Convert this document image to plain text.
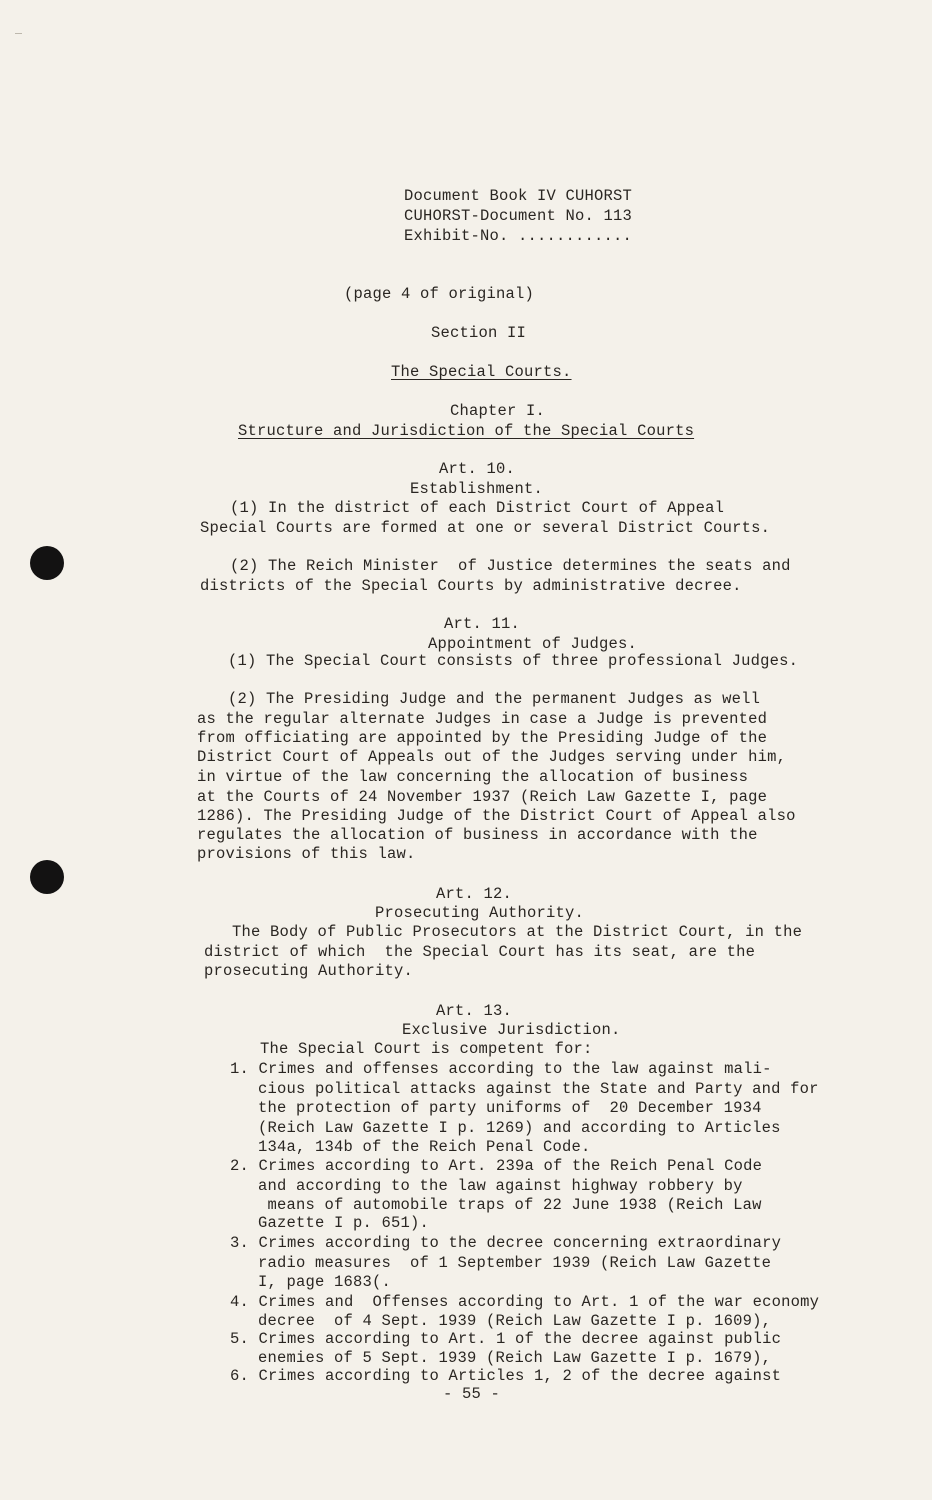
Document Book IV CUHORST
CUHORST-Document No. 113
Exhibit-No. ............
(page 4 of original)
Section II
The Special Courts.
Chapter I.
Structure and Jurisdiction of the Special Courts
Art. 10.
Establishment.
(1) In the district of each District Court of Appeal
Special Courts are formed at one or several District Courts.
(2) The Reich Minister  of Justice determines the seats and
districts of the Special Courts by administrative decree.
Art. 11.
Appointment of Judges.
(1) The Special Court consists of three professional Judges.
(2) The Presiding Judge and the permanent Judges as well
as the regular alternate Judges in case a Judge is prevented
from officiating are appointed by the Presiding Judge of the
District Court of Appeals out of the Judges serving under him,
in virtue of the law concerning the allocation of business
at the Courts of 24 November 1937 (Reich Law Gazette I, page
1286). The Presiding Judge of the District Court of Appeal also
regulates the allocation of business in accordance with the
provisions of this law.
Art. 12.
Prosecuting Authority.
The Body of Public Prosecutors at the District Court, in the
district of which  the Special Court has its seat, are the
prosecuting Authority.
Art. 13.
Exclusive Jurisdiction.
The Special Court is competent for:
1. Crimes and offenses according to the law against mali-
cious political attacks against the State and Party and for
the protection of party uniforms of  20 December 1934
(Reich Law Gazette I p. 1269) and according to Articles
134a, 134b of the Reich Penal Code.
2. Crimes according to Art. 239a of the Reich Penal Code
and according to the law against highway robbery by
means of automobile traps of 22 June 1938 (Reich Law
Gazette I p. 651).
3. Crimes according to the decree concerning extraordinary
radio measures  of 1 September 1939 (Reich Law Gazette
I, page 1683(.
4. Crimes and  Offenses according to Art. 1 of the war economy
decree  of 4 Sept. 1939 (Reich Law Gazette I p. 1609),
5. Crimes according to Art. 1 of the decree against public
enemies of 5 Sept. 1939 (Reich Law Gazette I p. 1679),
6. Crimes according to Articles 1, 2 of the decree against
- 55 -
